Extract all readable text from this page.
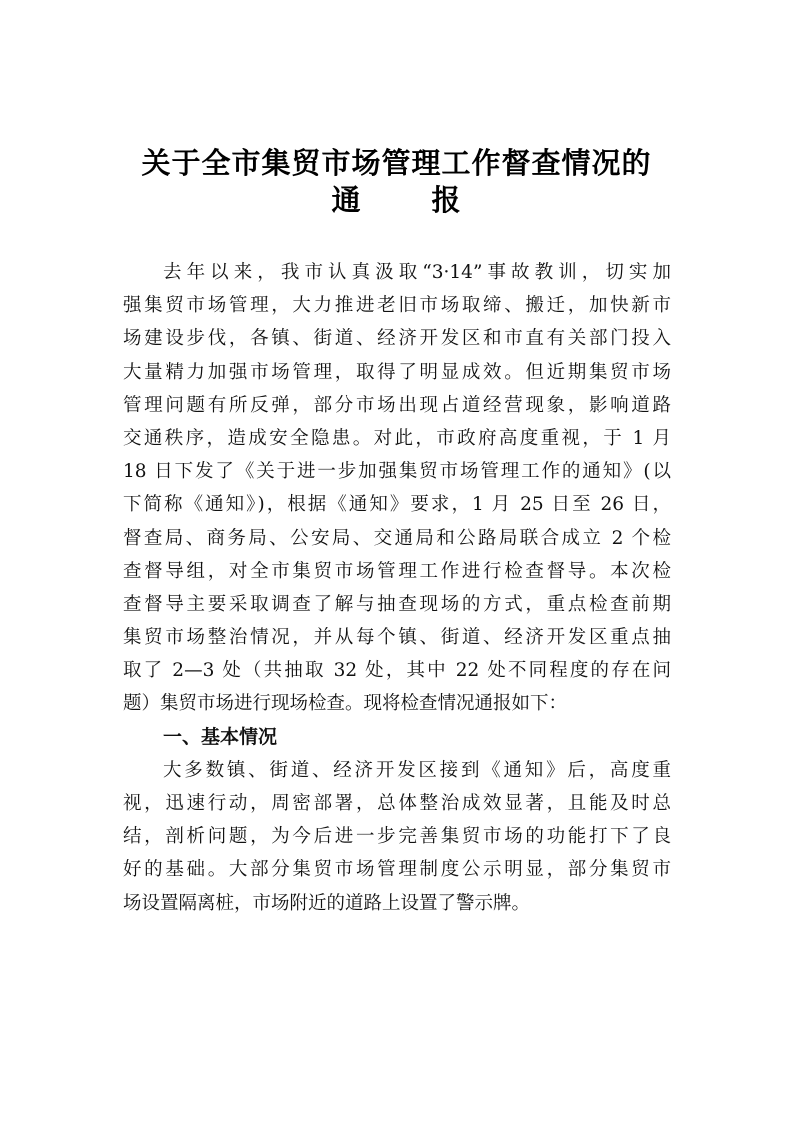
关于全市集贸市场管理工作督查情况的
通 报
去年以来，我市认真汲取“3·14”事故教训，切实加
强集贸市场管理，大力推进老旧市场取缔、搬迁，加快新市
场建设步伐，各镇、街道、经济开发区和市直有关部门投入
大量精力加强市场管理，取得了明显成效。但近期集贸市场
管理问题有所反弹，部分市场出现占道经营现象，影响道路
交通秩序，造成安全隐患。对此，市政府高度重视，于 1 月
18 日下发了《关于进一步加强集贸市场管理工作的通知》(以
下简称《通知》)，根据《通知》要求，1 月 25 日至 26 日，
督查局、商务局、公安局、交通局和公路局联合成立 2 个检
查督导组，对全市集贸市场管理工作进行检查督导。本次检
查督导主要采取调查了解与抽查现场的方式，重点检查前期
集贸市场整治情况，并从每个镇、街道、经济开发区重点抽
取了 2—3 处（共抽取 32 处，其中 22 处不同程度的存在问
题）集贸市场进行现场检查。现将检查情况通报如下：
一、基本情况
大多数镇、街道、经济开发区接到《通知》后，高度重
视，迅速行动，周密部署，总体整治成效显著，且能及时总
结，剖析问题，为今后进一步完善集贸市场的功能打下了良
好的基础。大部分集贸市场管理制度公示明显，部分集贸市
场设置隔离桩，市场附近的道路上设置了警示牌。
